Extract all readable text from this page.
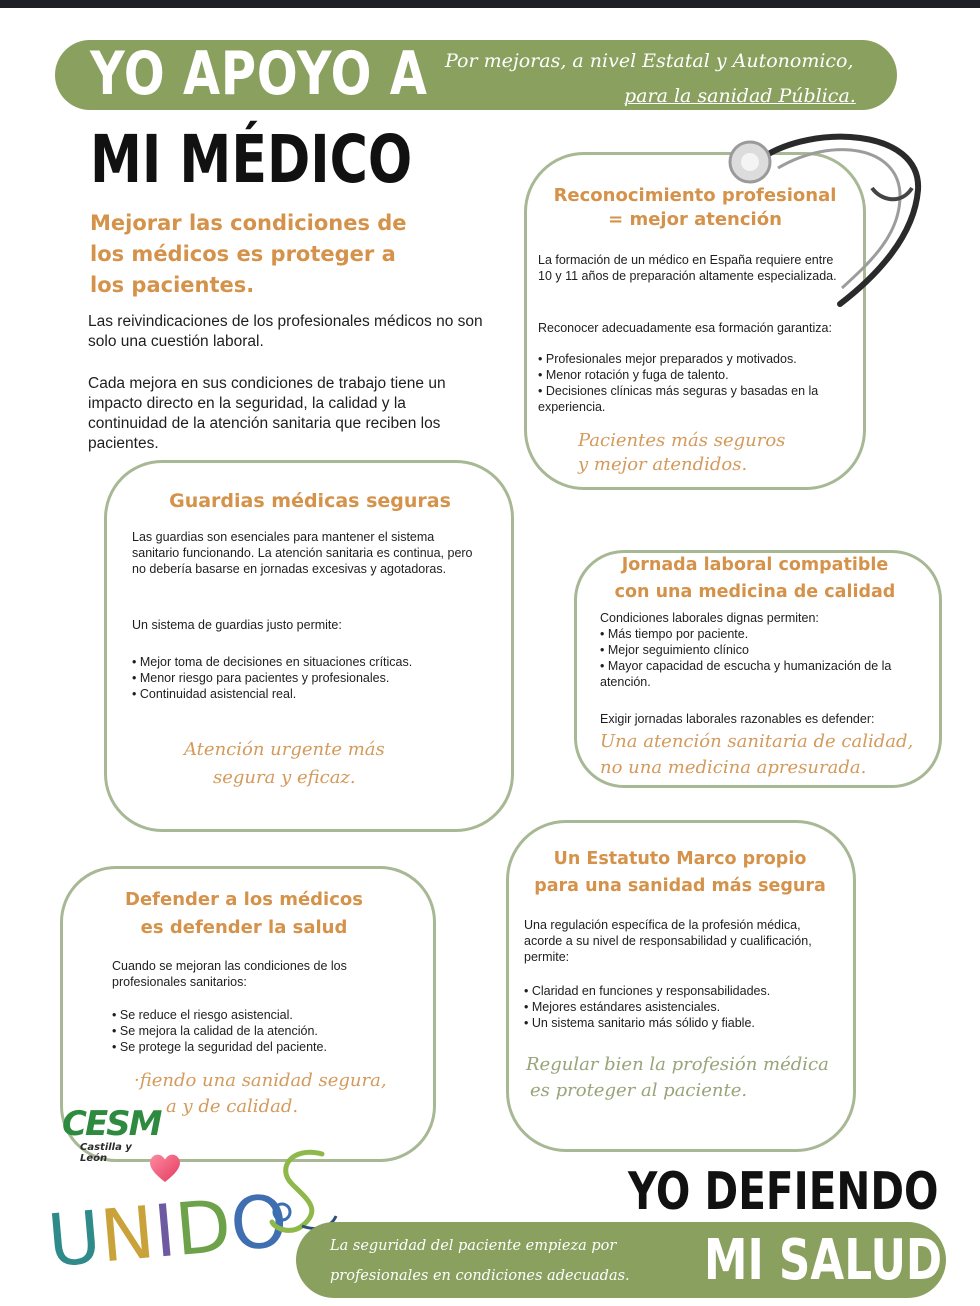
YO APOYO A Por mejoras, a nivel Estatal y Autonomico,
para la sanidad Pública.
MI MÉDICO
Mejorar las condiciones de
los médicos es proteger a
los pacientes.
Las reivindicaciones de los profesionales médicos no son solo una cuestión laboral.
Cada mejora en sus condiciones de trabajo tiene un impacto directo en la seguridad, la calidad y la continuidad de la atención sanitaria que reciben los pacientes.
Reconocimiento profesional
= mejor atención
La formación de un médico en España requiere entre 10 y 11 años de preparación altamente especializada.
Reconocer adecuadamente esa formación garantiza:
• Profesionales mejor preparados y motivados.
• Menor rotación y fuga de talento.
• Decisiones clínicas más seguras y basadas en la experiencia.
Pacientes más seguros
y mejor atendidos.
Guardias médicas seguras
Las guardias son esenciales para mantener el sistema sanitario funcionando. La atención sanitaria es continua, pero no debería basarse en jornadas excesivas y agotadoras.
Un sistema de guardias justo permite:
• Mejor toma de decisiones en situaciones críticas.
• Menor riesgo para pacientes y profesionales.
• Continuidad asistencial real.
Atención urgente más
segura y eficaz.
Jornada laboral compatible
con una medicina de calidad
Condiciones laborales dignas permiten:
• Más tiempo por paciente.
• Mejor seguimiento clínico
• Mayor capacidad de escucha y humanización de la atención.
Exigir jornadas laborales razonables es defender:
Una atención sanitaria de calidad,
no una medicina apresurada.
Un Estatuto Marco propio
para una sanidad más segura
Una regulación específica de la profesión médica, acorde a su nivel de responsabilidad y cualificación, permite:
• Claridad en funciones y responsabilidades.
• Mejores estándares asistenciales.
• Un sistema sanitario más sólido y fiable.
Regular bien la profesión médica
es proteger al paciente.
Defender a los médicos
es defender la salud
Cuando se mejoran las condiciones de los profesionales sanitarios:
• Se reduce el riesgo asistencial.
• Se mejora la calidad de la atención.
• Se protege la seguridad del paciente.
·fiendo una sanidad segura,
a y de calidad.
CESM
Castilla y León
UNIDO	La seguridad del paciente empieza por
profesionales en condiciones adecuadas.
YO DEFIENDO
MI SALUD
